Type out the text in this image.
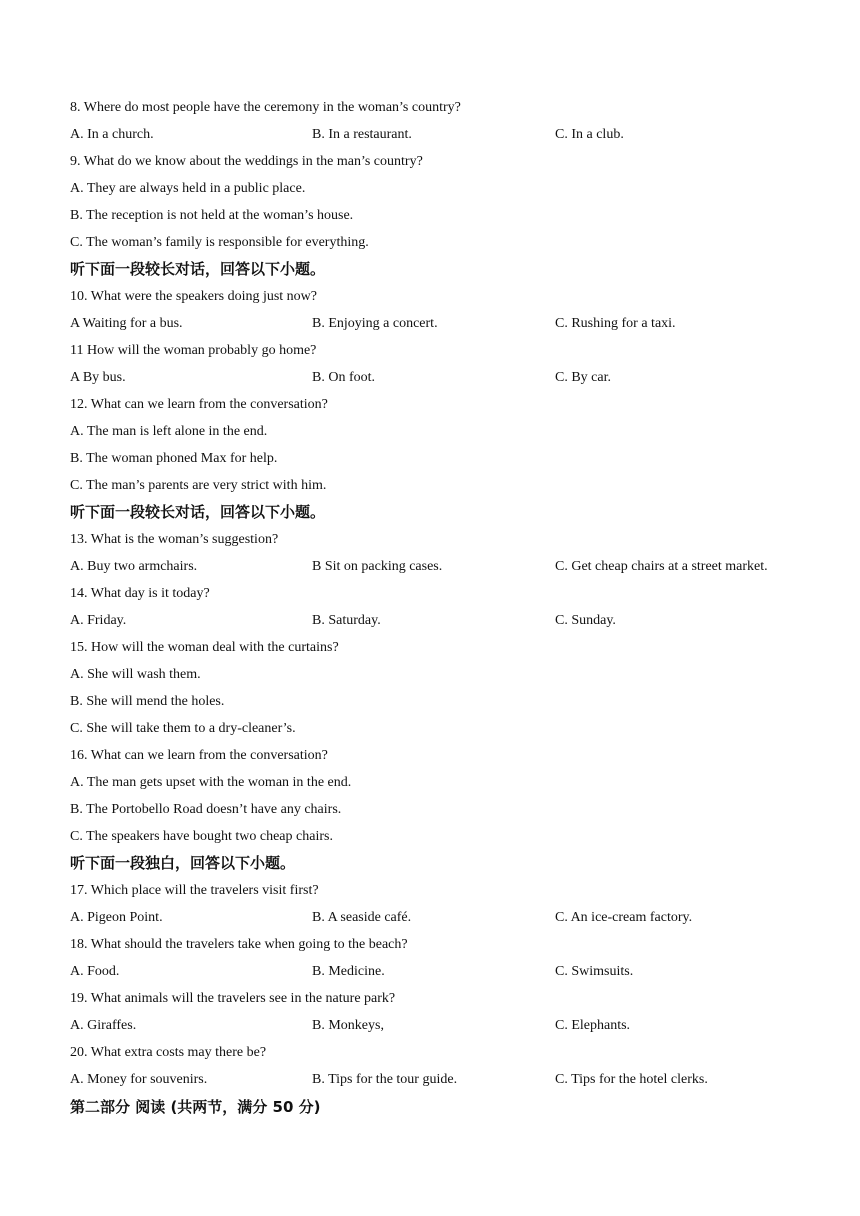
8. Where do most people have the ceremony in the woman’s country?
A. In a church.	B. In a restaurant.	C. In a club.
9. What do we know about the weddings in the man’s country?
A. They are always held in a public place.
B. The reception is not held at the woman’s house.
C. The woman’s family is responsible for everything.
听下面一段较长对话，回答以下小题。
10. What were the speakers doing just now?
A Waiting for a bus.	B. Enjoying a concert.	C. Rushing for a taxi.
11 How will the woman probably go home?
A By bus.	B. On foot.	C. By car.
12. What can we learn from the conversation?
A. The man is left alone in the end.
B. The woman phoned Max for help.
C. The man’s parents are very strict with him.
听下面一段较长对话，回答以下小题。
13. What is the woman’s suggestion?
A. Buy two armchairs.	B Sit on packing cases.	C. Get cheap chairs at a street market.
14. What day is it today?
A. Friday.	B. Saturday.	C. Sunday.
15. How will the woman deal with the curtains?
A. She will wash them.
B. She will mend the holes.
C. She will take them to a dry-cleaner’s.
16. What can we learn from the conversation?
A. The man gets upset with the woman in the end.
B. The Portobello Road doesn’t have any chairs.
C. The speakers have bought two cheap chairs.
听下面一段独白，回答以下小题。
17. Which place will the travelers visit first?
A. Pigeon Point.	B. A seaside café.	C. An ice-cream factory.
18. What should the travelers take when going to the beach?
A. Food.	B. Medicine.	C. Swimsuits.
19. What animals will the travelers see in the nature park?
A. Giraffes.	B. Monkeys,	C. Elephants.
20. What extra costs may there be?
A. Money for souvenirs.	B. Tips for the tour guide.	C. Tips for the hotel clerks.
第二部分 阅读 (共两节，满分 50 分)
